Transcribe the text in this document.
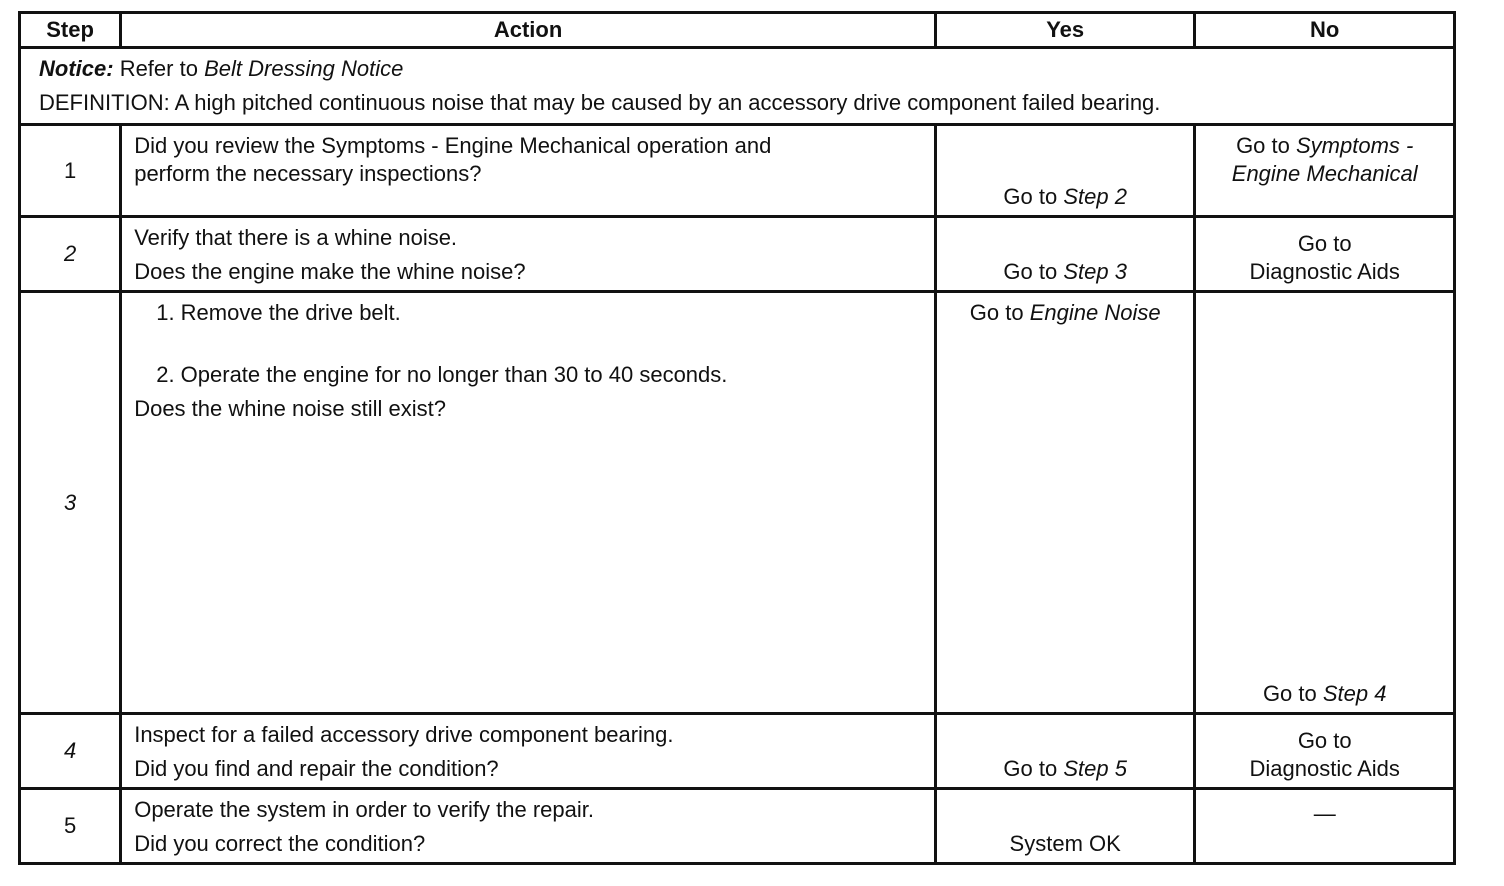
Step	Action	Yes	No

Notice: Refer to Belt Dressing Notice
DEFINITION: A high pitched continuous noise that may be caused by an accessory drive component failed bearing.			

1	Did you review the Symptoms - Engine Mechanical operation and
perform the necessary inspections?	Go to Step 2	Go to Symptoms -
Engine Mechanical

2	Verify that there is a whine noise.
Does the engine make the whine noise?	Go to Step 3	Go to
Diagnostic Aids

3	1. Remove the drive belt.
2. Operate the engine for no longer than 30 to 40 seconds.
Does the whine noise still exist?	Go to Engine Noise	Go to Step 4
4	Inspect for a failed accessory drive component bearing.
Did you find and repair the condition?	Go to Step 5	Go to
Diagnostic Aids

5	Operate the system in order to verify the repair.
Did you correct the condition?	System OK	—
